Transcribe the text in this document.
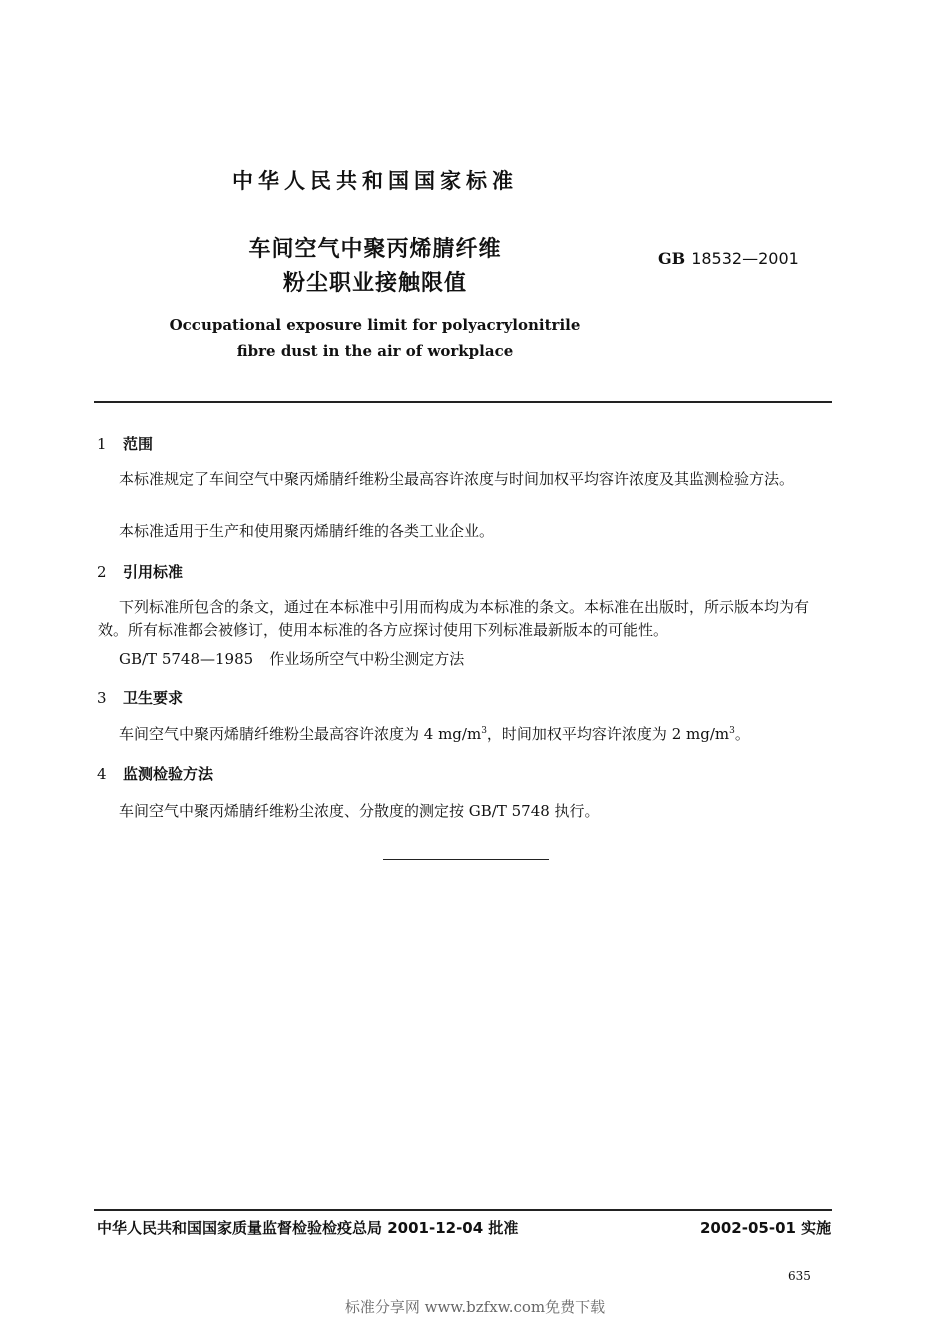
中华人民共和国国家标准
车间空气中聚丙烯腈纤维
粉尘职业接触限值
GB 18532—2001
Occupational exposure limit for polyacrylonitrile
fibre dust in the air of workplace
1 范围
本标准规定了车间空气中聚丙烯腈纤维粉尘最高容许浓度与时间加权平均容许浓度及其监测检验方法。
本标准适用于生产和使用聚丙烯腈纤维的各类工业企业。
2 引用标准
下列标准所包含的条文，通过在本标准中引用而构成为本标准的条文。本标准在出版时，所示版本均为有效。所有标准都会被修订，使用本标准的各方应探讨使用下列标准最新版本的可能性。
GB/T 5748—1985 作业场所空气中粉尘测定方法
3 卫生要求
车间空气中聚丙烯腈纤维粉尘最高容许浓度为 4 $mg/m^3$，时间加权平均容许浓度为 2 $mg/m^3$。
4 监测检验方法
车间空气中聚丙烯腈纤维粉尘浓度、分散度的测定按 GB/T 5748 执行。
中华人民共和国国家质量监督检验检疫总局 2001-12-04 批准	2002-05-01 实施
635
标准分享网 www.bzfxw.com免费下载
